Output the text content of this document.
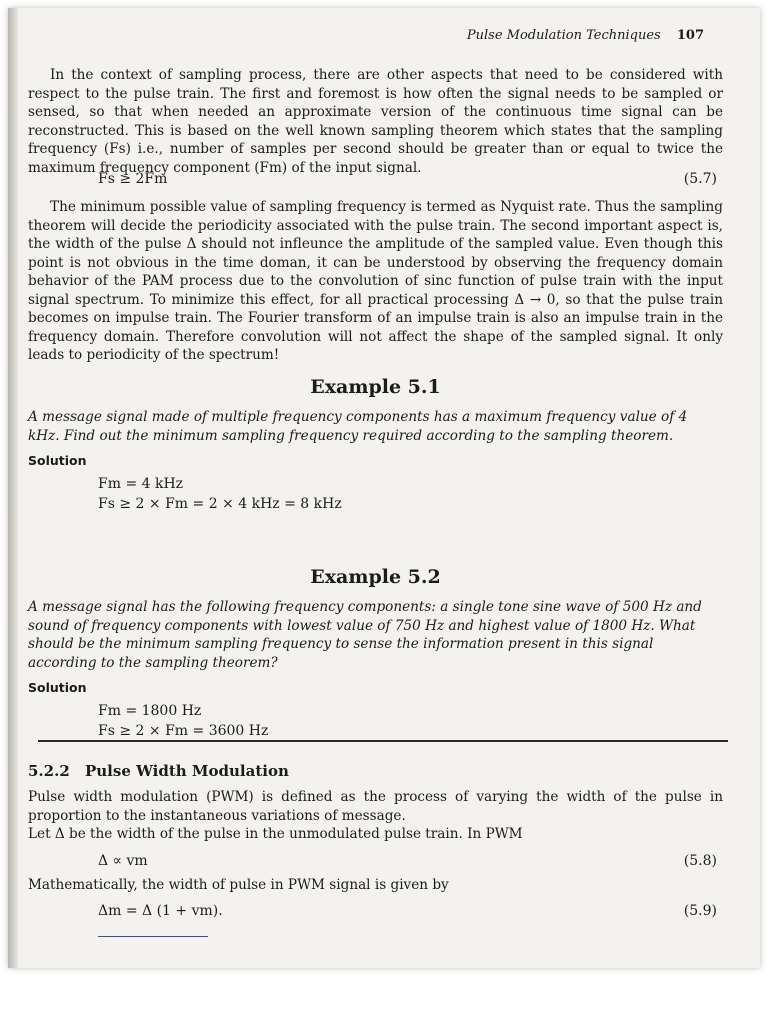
Pulse Modulation Techniques 107

In the context of sampling process, there are other aspects that need to be considered with respect to the pulse train. The first and foremost is how often the signal needs to be sampled or sensed, so that when needed an approximate version of the continuous time signal can be reconstructed. This is based on the well known sampling theorem which states that the sampling frequency (Fs) i.e., number of samples per second should be greater than or equal to twice the maximum frequency component (Fm) of the input signal.

Fs ≥ 2Fm	(5.7)

The minimum possible value of sampling frequency is termed as Nyquist rate. Thus the sampling theorem will decide the periodicity associated with the pulse train. The second important aspect is, the width of the pulse Δ should not infleunce the amplitude of the sampled value. Even though this point is not obvious in the time doman, it can be understood by observing the frequency domain behavior of the PAM process due to the convolution of sinc function of pulse train with the input signal spectrum. To minimize this effect, for all practical processing Δ → 0, so that the pulse train becomes on impulse train. The Fourier transform of an impulse train is also an impulse train in the frequency domain. Therefore convolution will not affect the shape of the sampled signal. It only leads to periodicity of the spectrum!

Example 5.1
A message signal made of multiple frequency components has a maximum frequency value of 4 kHz. Find out the minimum sampling frequency required according to the sampling theorem.
Solution
Fm = 4 kHz
Fs ≥ 2 × Fm = 2 × 4 kHz = 8 kHz
Example 5.2
A message signal has the following frequency components: a single tone sine wave of 500 Hz and sound of frequency components with lowest value of 750 Hz and highest value of 1800 Hz. What should be the minimum sampling frequency to sense the information present in this signal according to the sampling theorem?
Solution
Fm = 1800 Hz
Fs ≥ 2 × Fm = 3600 Hz
5.2.2 Pulse Width Modulation

Pulse width modulation (PWM) is defined as the process of varying the width of the pulse in proportion to the instantaneous variations of message.

Let Δ be the width of the pulse in the unmodulated pulse train. In PWM

Δ ∝ vm	(5.8)

Mathematically, the width of pulse in PWM signal is given by

Δm = Δ (1 + vm).	(5.9)
